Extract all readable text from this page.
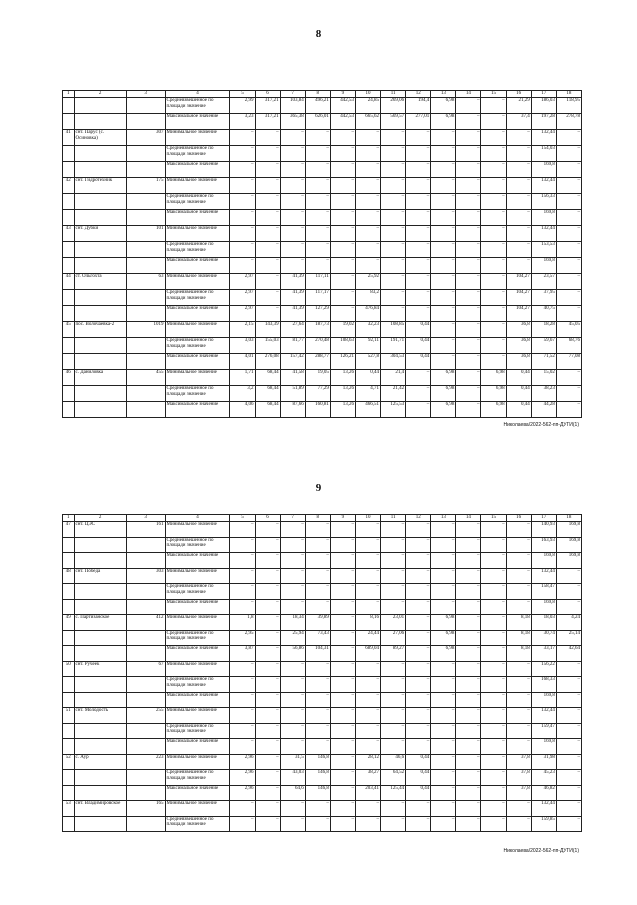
8
1	2	3	4	5	6	7	8	9	10	11	12	13	14	15	16	17	18
			Средневзвешенное по площади значение	2,99	317,21	103,84	496,21	442,53	24,85	269,06	194,4	6,98	–	–	21,29	186,03	118,95
			Максимальное значение	3,23	317,21	365,38	626,01	442,53	665,62	569,57	277,01	6,98	–	–	37,4	197,28	278,78
41	снт. Парус (с. Осиновка)	307	Минимальное значение	–	–	–	–	–	–	–	–	–	–	–	–	132,44	–
			Средневзвешенное по площади значение	–	–	–	–	–	–	–	–	–	–	–	–	154,03	–
			Максимальное значение	–	–	–	–	–	–	–	–	–	–	–	–	169,8	–
42	снт. Гидротехник	175	Минимальное значение	–	–	–	–	–	–	–	–	–	–	–	–	132,44	–
			Средневзвешенное по площади значение	–	–	–	–	–	–	–	–	–	–	–	–	156,33	–
			Максимальное значение	–	–	–	–	–	–	–	–	–	–	–	–	169,8	–
43	снт. Дубки	101	Минимальное значение	–	–	–	–	–	–	–	–	–	–	–	–	132,44	–
			Средневзвешенное по площади значение	–	–	–	–	–	–	–	–	–	–	–	–	153,53	–
			Максимальное значение	–	–	–	–	–	–	–	–	–	–	–	–	169,8	–
44	ст. Ольгохта	63	Минимальное значение	2,97	–	41,39	117,11	–	25,92	–	–	–	–	–	104,27	23,57	–
			Средневзвешенное по площади значение	2,97	–	41,39	117,17	–	83,2	–	–	–	–	–	104,27	37,95	–
			Максимальное значение	2,97	–	41,39	127,29	–	476,84	–	–	–	–	–	104,27	40,75	–
45	пос. Волочаевка-2	1019	Минимальное значение	2,15	143,39	27,64	187,73	19,02	32,23	108,85	0,44	–	–	–	36,8	18,28	45,05
			Средневзвешенное по площади значение	3,03	155,03	81,77	270,48	108,63	92,11	191,71	0,44	–	–	–	36,8	59,67	68,76
			Максимальное значение	4,01	276,08	157,42	288,77	126,21	527,8	304,53	0,44	–	–	–	36,8	71,52	77,08
46	с. Даниловка	455	Минимальное значение	1,71	68,44	41,58	19,05	13,26	0,44	21,4	–	6,98	–	6,98	0,44	15,02	–
			Средневзвешенное по площади значение	3,2	68,44	51,89	77,29	13,26	4,71	21,42	–	6,98	–	6,98	0,44	38,23	–
			Максимальное значение	4,06	68,44	87,66	160,81	13,26	466,51	125,53	–	6,98	–	6,98	0,44	44,28	–
Николаева/2022-562-пп-ДУГИ(1)
9
1	2	3	4	5	6	7	8	9	10	11	12	13	14	15	16	17	18
47	снт. ЦЭС	161	Минимальное значение	–	–	–	–	–	–	–	–	–	–	–	–	140,93	169,8
			Средневзвешенное по площади значение	–	–	–	–	–	–	–	–	–	–	–	–	163,93	169,8
			Максимальное значение	–	–	–	–	–	–	–	–	–	–	–	–	169,8	169,8
48	снт. Победа	303	Минимальное значение	–	–	–	–	–	–	–	–	–	–	–	–	132,44	–
			Средневзвешенное по площади значение	–	–	–	–	–	–	–	–	–	–	–	–	158,47	–
			Максимальное значение	–	–	–	–	–	–	–	–	–	–	–	–	169,8	–
49	с. Партизанское	412	Минимальное значение	1,8	–	18,34	39,89	–	8,16	23,01	–	6,98	–	–	8,18	18,03	4,24
			Средневзвешенное по площади значение	2,95	–	25,94	73,43	–	24,44	27,06	–	6,98	–	–	8,18	30,74	25,14
			Максимальное значение	3,87	–	56,86	104,31	–	689,04	89,27	–	6,98	–	–	8,18	33,17	42,64
50	снт. Ручеек	67	Минимальное значение	–	–	–	–	–	–	–	–	–	–	–	–	156,22	–
			Средневзвешенное по площади значение	–	–	–	–	–	–	–	–	–	–	–	–	168,33	–
			Максимальное значение	–	–	–	–	–	–	–	–	–	–	–	–	169,8	–
51	снт. Молодость	255	Минимальное значение	–	–	–	–	–	–	–	–	–	–	–	–	132,44	–
			Средневзвешенное по площади значение	–	–	–	–	–	–	–	–	–	–	–	–	159,47	–
			Максимальное значение	–	–	–	–	–	–	–	–	–	–	–	–	169,8	–
52	с. Аур	223	Минимальное значение	2,96	–	31,5	146,8	–	28,12	46,6	0,44	–	–	–	37,8	31,98	–
			Средневзвешенное по площади значение	2,96	–	43,03	146,8	–	38,27	64,52	0,44	–	–	–	37,8	45,23	–
			Максимальное значение	2,96	–	64,6	146,8	–	203,41	125,44	0,44	–	–	–	37,8	46,82	–
53	снт. Владимировское	165	Минимальное значение	–	–	–	–	–	–	–	–	–	–	–	–	132,44	–
			Средневзвешенное по площади значение	–	–	–	–	–	–	–	–	–	–	–	–	159,85	–
Николаева/2022-562-пп-ДУГИ(1)
